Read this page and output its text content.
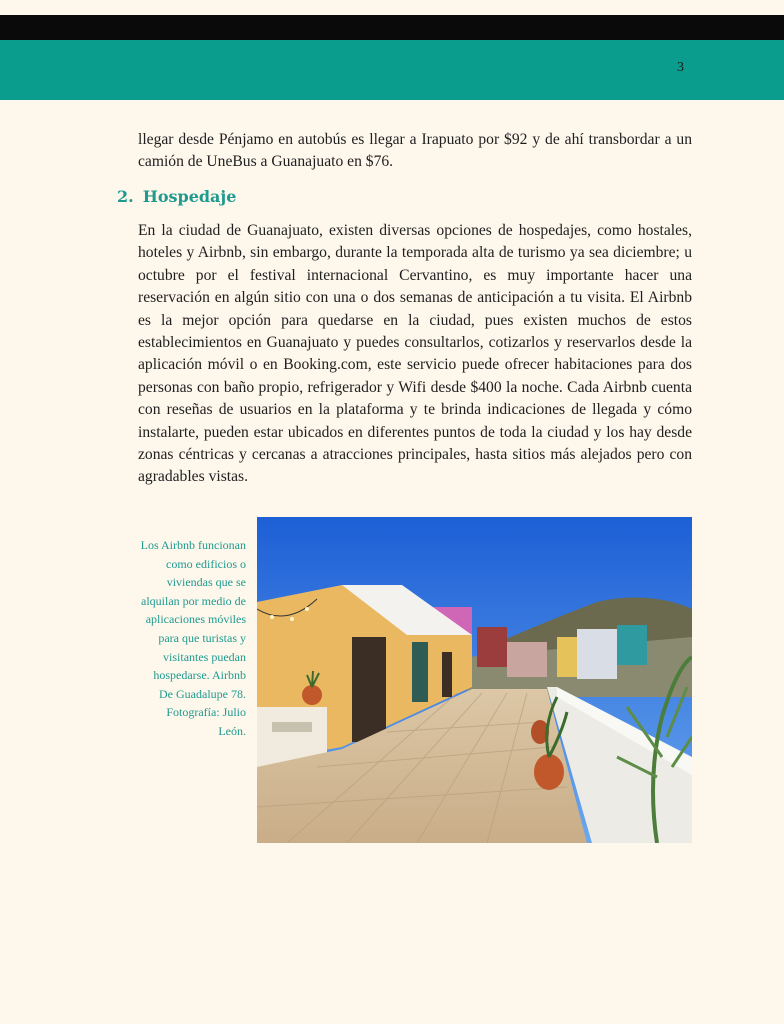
3

llegar desde Pénjamo en autobús es llegar a Irapuato por $92 y de ahí transbordar a un camión de UneBus a Guanajuato en $76.

2. Hospedaje

En la ciudad de Guanajuato, existen diversas opciones de hospedajes, como hostales, hoteles y Airbnb, sin embargo, durante la temporada alta de turismo ya sea diciembre; u octubre por el festival internacional Cervantino, es muy importante hacer una reservación en algún sitio con una o dos semanas de anticipación a tu visita. El Airbnb es la mejor opción para quedarse en la ciudad, pues existen muchos de estos establecimientos en Guanajuato y puedes consultarlos, cotizarlos y reservarlos desde la aplicación móvil o en Booking.com, este servicio puede ofrecer habitaciones para dos personas con baño propio, refrigerador y Wifi desde $400 la noche. Cada Airbnb cuenta con reseñas de usuarios en la plataforma y te brinda indicaciones de llegada y cómo instalarte, pueden estar ubicados en diferentes puntos de toda la ciudad y los hay desde zonas céntricas y cercanas a atracciones principales, hasta sitios más alejados pero con agradables vistas.

Los Airbnb funcionan como edificios o viviendas que se alquilan por medio de aplicaciones móviles para que turistas y visitantes puedan hospedarse. Airbnb De Guadalupe 78. Fotografía: Julio León.
